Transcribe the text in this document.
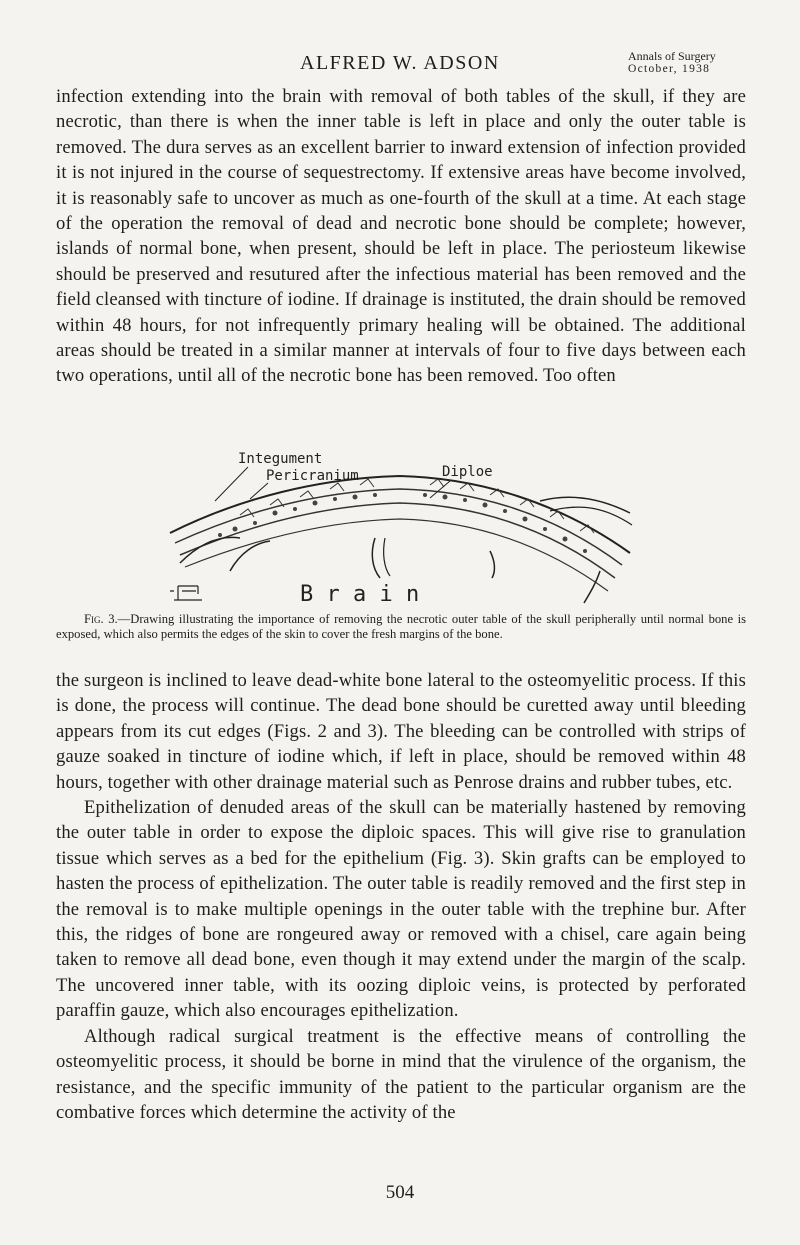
ALFRED W. ADSON	Annals of Surgery
October, 1938

infection extending into the brain with removal of both tables of the skull, if they are necrotic, than there is when the inner table is left in place and only the outer table is removed. The dura serves as an excellent barrier to inward extension of infection provided it is not injured in the course of sequestrectomy. If extensive areas have become involved, it is reasonably safe to uncover as much as one-fourth of the skull at a time. At each stage of the operation the removal of dead and necrotic bone should be complete; however, islands of normal bone, when present, should be left in place. The periosteum likewise should be preserved and resutured after the infectious material has been removed and the field cleansed with tincture of iodine. If drainage is instituted, the drain should be removed within 48 hours, for not infrequently primary healing will be obtained. The additional areas should be treated in a similar manner at intervals of four to five days between each two operations, until all of the necrotic bone has been removed. Too often

Integument
Pericranium	Diploe
B r a i n
Fig. 3.—Drawing illustrating the importance of removing the necrotic outer table of the skull peripherally until normal bone is exposed, which also permits the edges of the skin to cover the fresh margins of the bone.

the surgeon is inclined to leave dead-white bone lateral to the osteomyelitic process. If this is done, the process will continue. The dead bone should be curetted away until bleeding appears from its cut edges (Figs. 2 and 3). The bleeding can be controlled with strips of gauze soaked in tincture of iodine which, if left in place, should be removed within 48 hours, together with other drainage material such as Penrose drains and rubber tubes, etc.

Epithelization of denuded areas of the skull can be materially hastened by removing the outer table in order to expose the diploic spaces. This will give rise to granulation tissue which serves as a bed for the epithelium (Fig. 3). Skin grafts can be employed to hasten the process of epithelization. The outer table is readily removed and the first step in the removal is to make multiple openings in the outer table with the trephine bur. After this, the ridges of bone are rongeured away or removed with a chisel, care again being taken to remove all dead bone, even though it may extend under the margin of the scalp. The uncovered inner table, with its oozing diploic veins, is protected by perforated paraffin gauze, which also encourages epithelization.

Although radical surgical treatment is the effective means of controlling the osteomyelitic process, it should be borne in mind that the virulence of the organism, the resistance, and the specific immunity of the patient to the particular organism are the combative forces which determine the activity of the

504
